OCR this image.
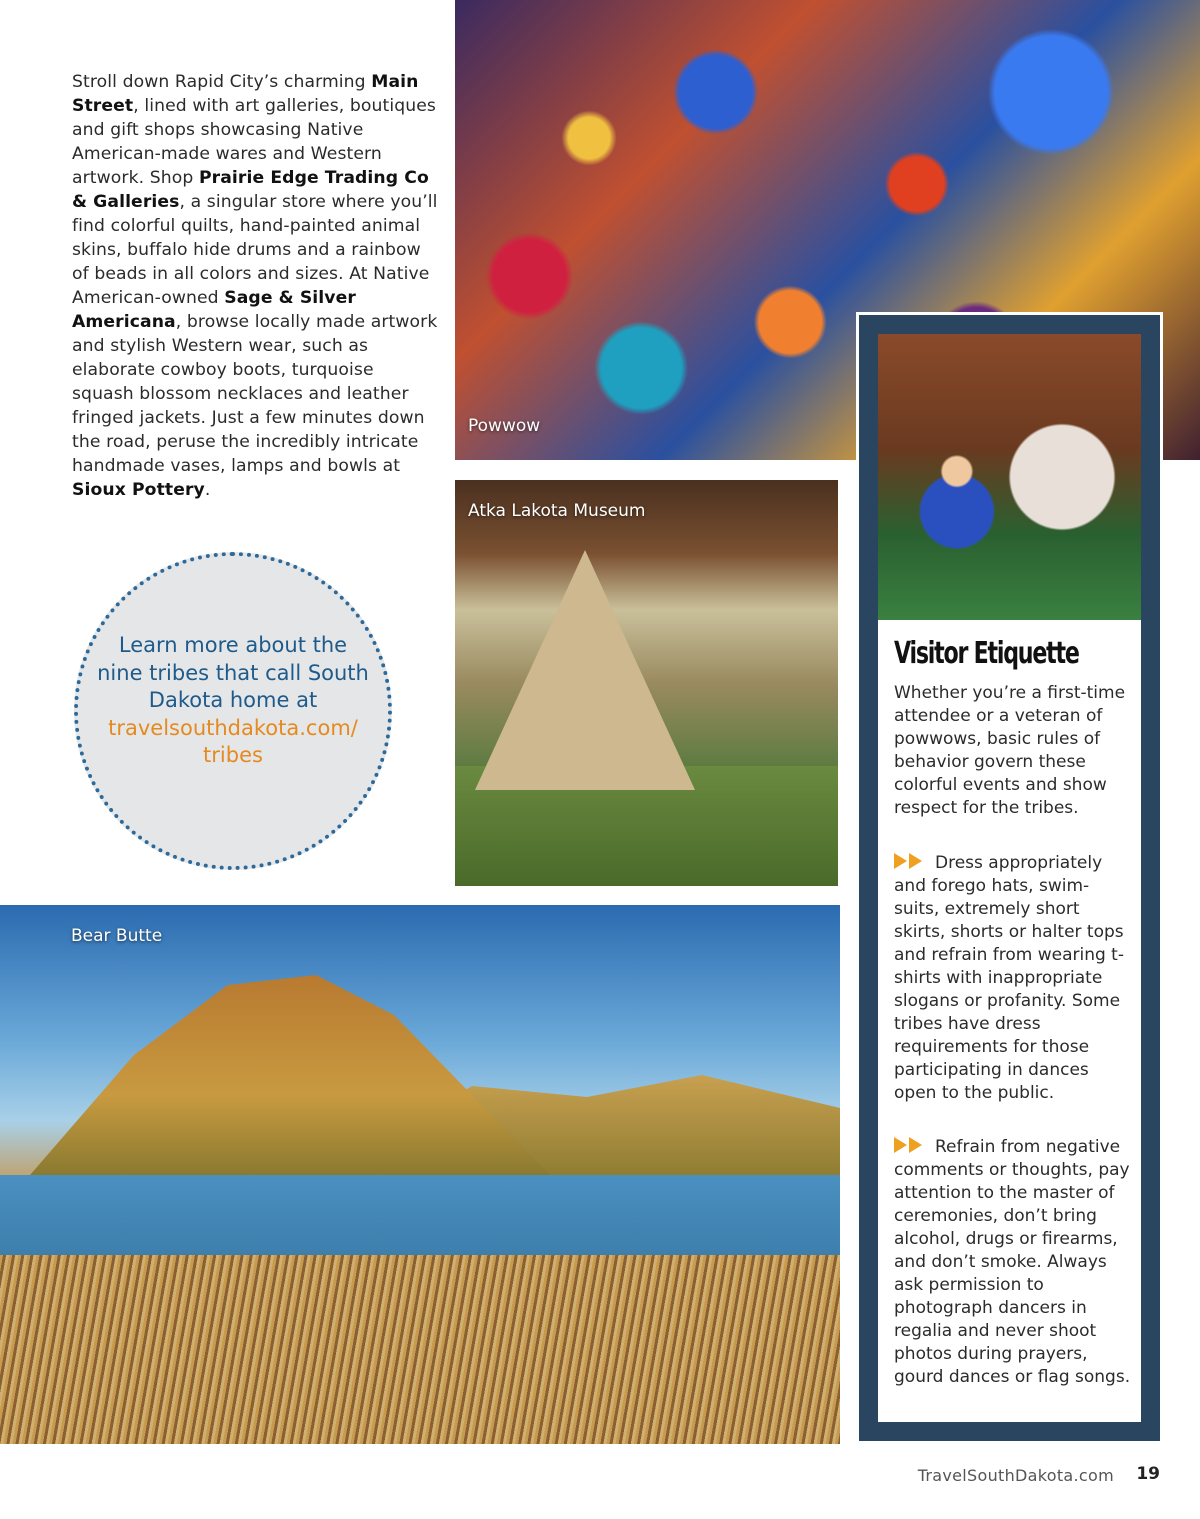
Stroll down Rapid City’s charming Main Street, lined with art galleries, boutiques and gift shops showcasing Native American-made wares and Western artwork. Shop Prairie Edge Trading Co & Galleries, a singular store where you’ll find colorful quilts, hand-painted animal skins, buffalo hide drums and a rainbow of beads in all colors and sizes. At Native American-owned Sage & Silver Americana, browse locally made artwork and stylish Western wear, such as elaborate cowboy boots, turquoise squash blossom necklaces and leather fringed jackets. Just a few minutes down the road, peruse the incredibly intricate handmade vases, lamps and bowls at Sioux Pottery.
Powwow
Atka Lakota Museum
Learn more about the nine tribes that call South Dakota home at
travelsouthdakota.com/ tribes
Bear Butte
Visitor Etiquette
Whether you’re a first-time attendee or a veteran of powwows, basic rules of behavior govern these colorful events and show respect for the tribes.
Dress appropriately and forego hats, swim-suits, extremely short skirts, shorts or halter tops and refrain from wearing t-shirts with inappropriate slogans or profanity. Some tribes have dress requirements for those participating in dances open to the public.
Refrain from negative comments or thoughts, pay attention to the master of ceremonies, don’t bring alcohol, drugs or firearms, and don’t smoke. Always ask permission to photograph dancers in regalia and never shoot photos during prayers, gourd dances or flag songs.
TravelSouthDakota.com 19
